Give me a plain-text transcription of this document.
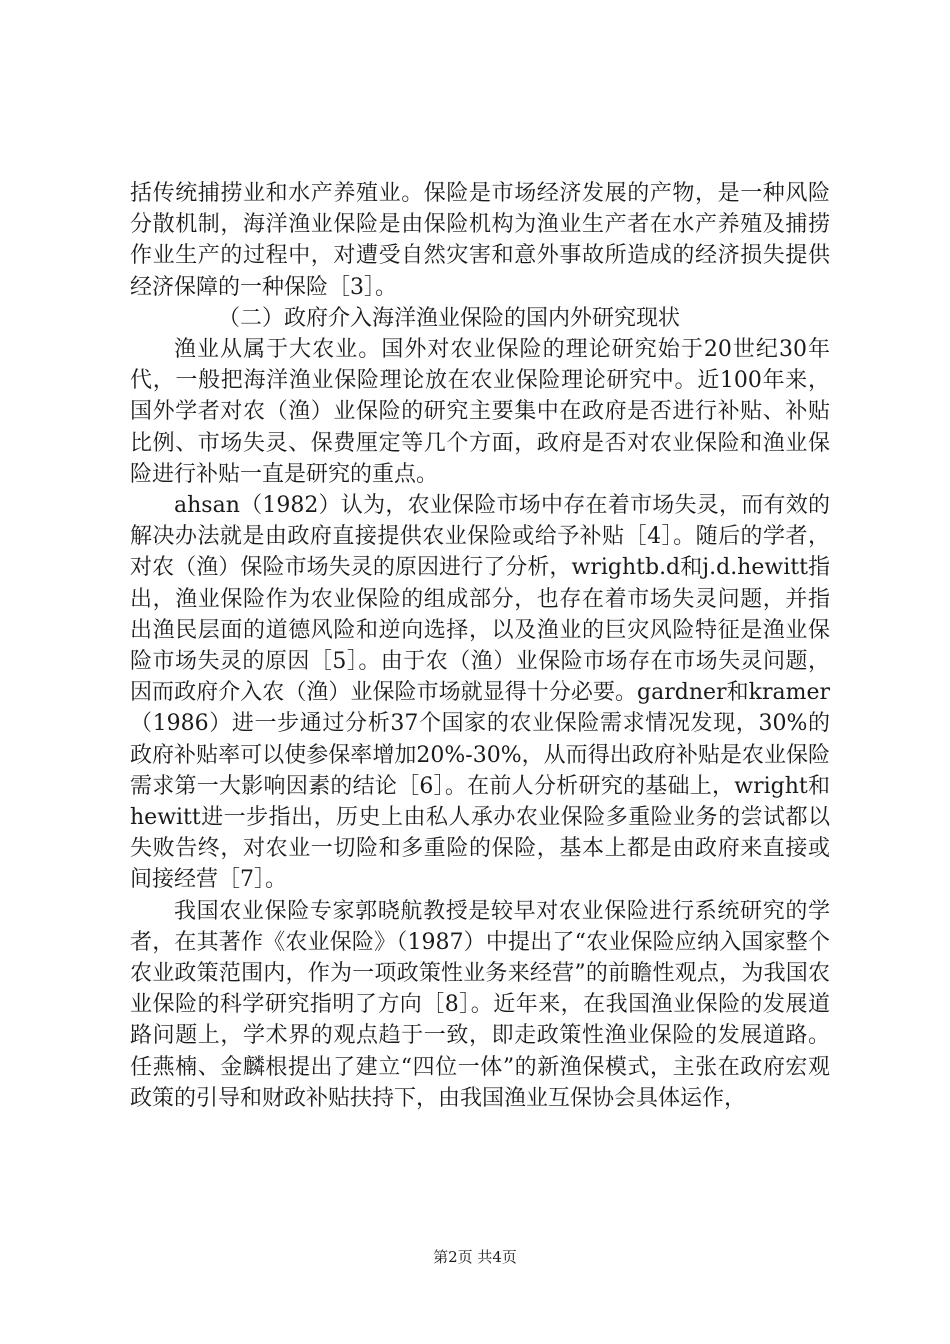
括传统捕捞业和水产养殖业。保险是市场经济发展的产物，是一种风险分散机制，海洋渔业保险是由保险机构为渔业生产者在水产养殖及捕捞作业生产的过程中，对遭受自然灾害和意外事故所造成的经济损失提供经济保障的一种保险［3］。

（二）政府介入海洋渔业保险的国内外研究现状

渔业从属于大农业。国外对农业保险的理论研究始于20世纪30年代，一般把海洋渔业保险理论放在农业保险理论研究中。近100年来，国外学者对农（渔）业保险的研究主要集中在政府是否进行补贴、补贴比例、市场失灵、保费厘定等几个方面，政府是否对农业保险和渔业保险进行补贴一直是研究的重点。

ahsan（1982）认为，农业保险市场中存在着市场失灵，而有效的解决办法就是由政府直接提供农业保险或给予补贴［4］。随后的学者，对农（渔）保险市场失灵的原因进行了分析，wrightb.d和j.d.hewitt指出，渔业保险作为农业保险的组成部分，也存在着市场失灵问题，并指出渔民层面的道德风险和逆向选择，以及渔业的巨灾风险特征是渔业保险市场失灵的原因［5］。由于农（渔）业保险市场存在市场失灵问题，因而政府介入农（渔）业保险市场就显得十分必要。gardner和kramer（1986）进一步通过分析37个国家的农业保险需求情况发现，30%的政府补贴率可以使参保率增加20%-30%，从而得出政府补贴是农业保险需求第一大影响因素的结论［6］。在前人分析研究的基础上，wright和hewitt进一步指出，历史上由私人承办农业保险多重险业务的尝试都以失败告终，对农业一切险和多重险的保险，基本上都是由政府来直接或间接经营［7］。

我国农业保险专家郭晓航教授是较早对农业保险进行系统研究的学者，在其著作《农业保险》（1987）中提出了“农业保险应纳入国家整个农业政策范围内，作为一项政策性业务来经营”的前瞻性观点，为我国农业保险的科学研究指明了方向［8］。近年来，在我国渔业保险的发展道路问题上，学术界的观点趋于一致，即走政策性渔业保险的发展道路。任燕楠、金麟根提出了建立“四位一体”的新渔保模式，主张在政府宏观政策的引导和财政补贴扶持下，由我国渔业互保协会具体运作，

第2页 共4页
